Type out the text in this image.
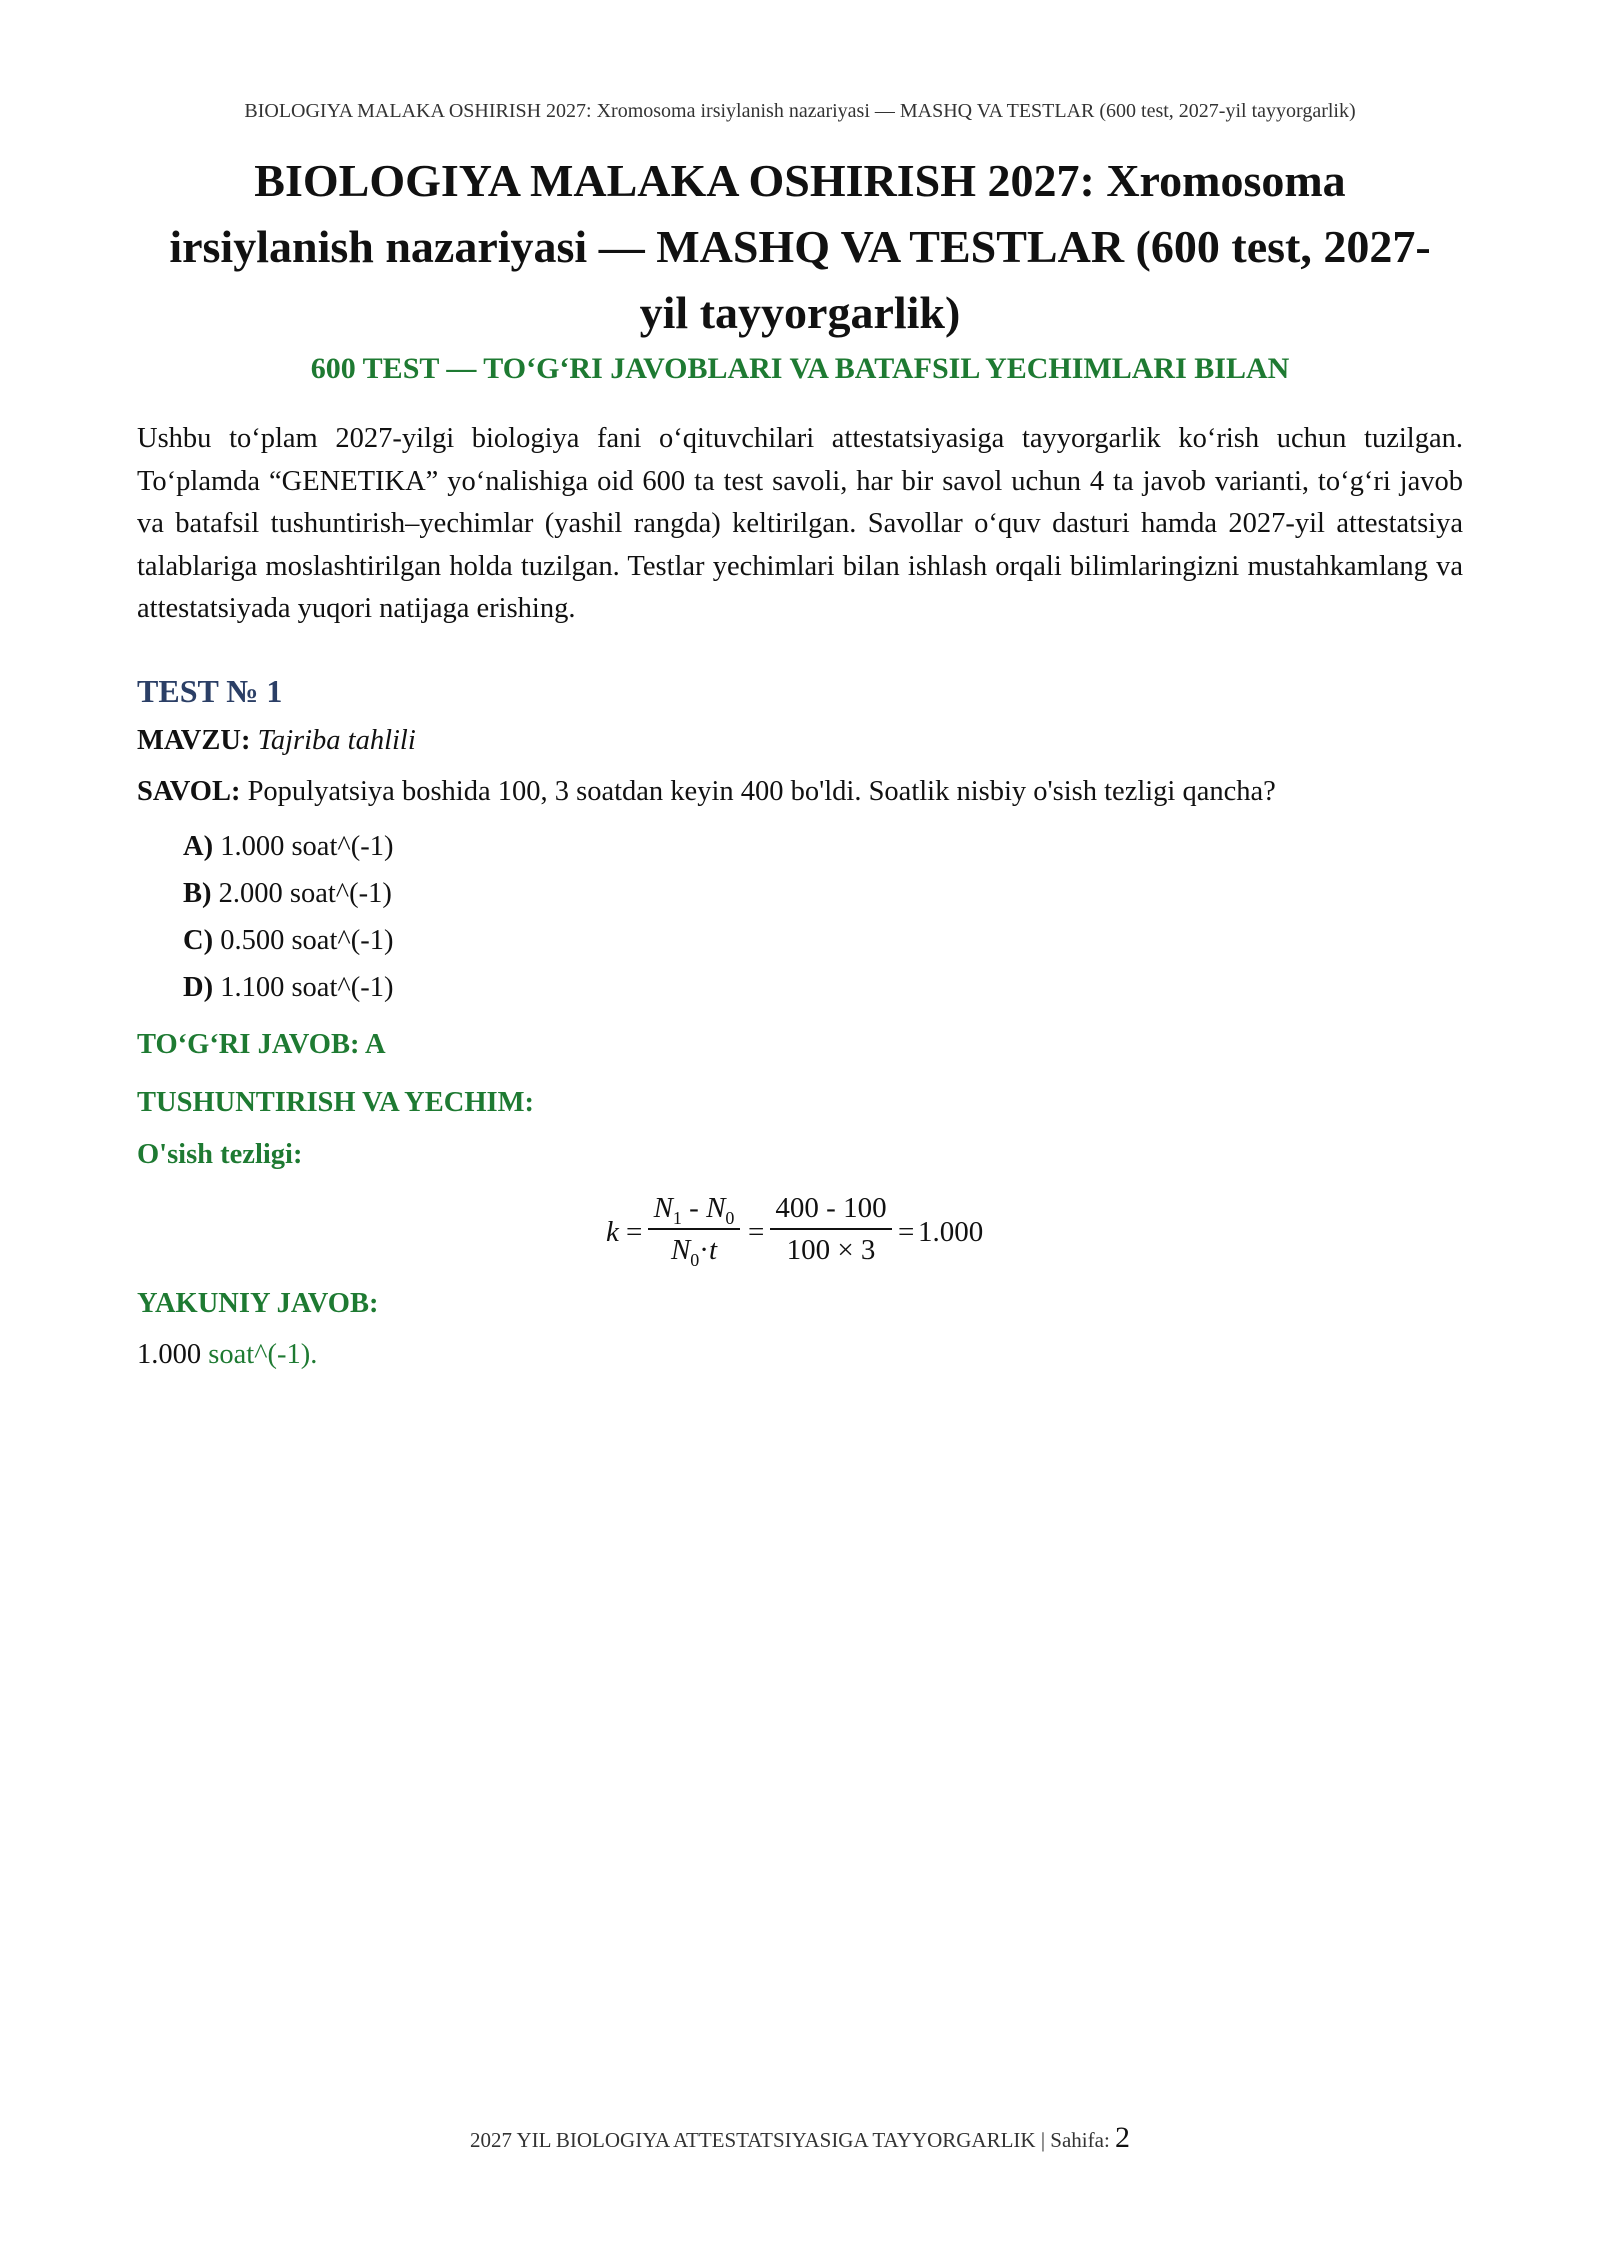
BIOLOGIYA MALAKA OSHIRISH 2027: Xromosoma irsiylanish nazariyasi — MASHQ VA TESTLAR (600 test, 2027-yil tayyorgarlik)
BIOLOGIYA MALAKA OSHIRISH 2027: Xromosoma irsiylanish nazariyasi — MASHQ VA TESTLAR (600 test, 2027-yil tayyorgarlik)
600 TEST — TO‘G‘RI JAVOBLARI VA BATAFSIL YECHIMLARI BILAN
Ushbu to‘plam 2027-yilgi biologiya fani o‘qituvchilari attestatsiyasiga tayyorgarlik ko‘rish uchun tuzilgan. To‘plamda “GENETIKA” yo‘nalishiga oid 600 ta test savoli, har bir savol uchun 4 ta javob varianti, to‘g‘ri javob va batafsil tushuntirish–yechimlar (yashil rangda) keltirilgan. Savollar o‘quv dasturi hamda 2027-yil attestatsiya talablariga moslashtirilgan holda tuzilgan. Testlar yechimlari bilan ishlash orqali bilimlaringizni mustahkamlang va attestatsiyada yuqori natijaga erishing.
TEST № 1
MAVZU: Tajriba tahlili
SAVOL: Populyatsiya boshida 100, 3 soatdan keyin 400 bo'ldi. Soatlik nisbiy o'sish tezligi qancha?
A) 1.000 soat^(-1)
B) 2.000 soat^(-1)
C) 0.500 soat^(-1)
D) 1.100 soat^(-1)
TO‘G‘RI JAVOB: A
TUSHUNTIRISH VA YECHIM:
O'sish tezligi:
k =
$N_1 - N_0$
$N_0\cdot t$
=
400 - 100
100 × 3
= 1.000
YAKUNIY JAVOB:
1.000 soat^(-1).
2027 YIL BIOLOGIYA ATTESTATSIYASIGA TAYYORGARLIK | Sahifa: 2
